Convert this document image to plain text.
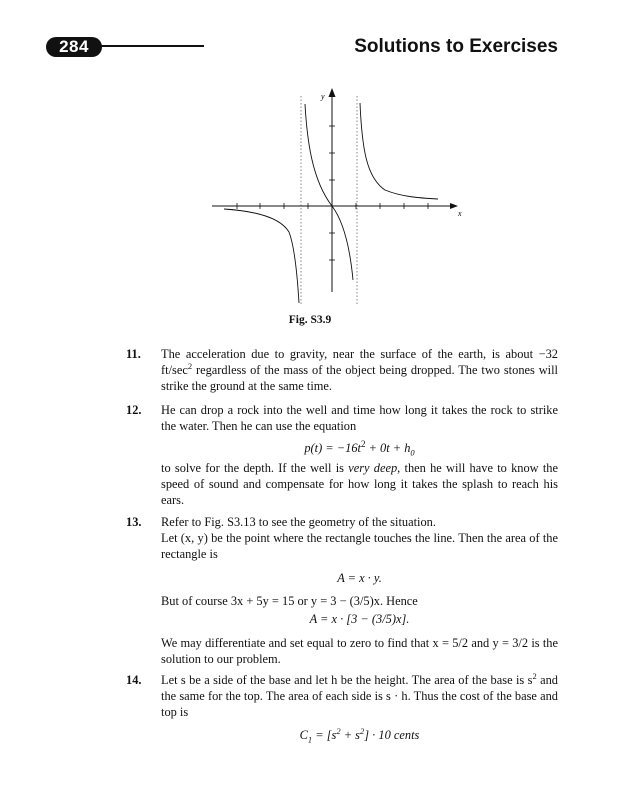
284	Solutions to Exercises
x
y
Fig. S3.9
11.	The acceleration due to gravity, near the surface of the earth, is about −32 $ft/\sec^2$ regardless of the mass of the object being dropped. The two stones will strike the ground at the same time.

12.	He can drop a rock into the well and time how long it takes the rock to strike the water. Then he can use the equation

$p(t) = -16t^2 + 0t + h_0$

to solve for the depth. If the well is very deep, then he will have to know the speed of sound and compensate for how long it takes the splash to reach his ears.

13.	Refer to Fig. S3.13 to see the geometry of the situation.

Let (x, y) be the point where the rectangle touches the line. Then the area of the rectangle is

A = x · y.

But of course 3x + 5y = 15 or y = 3 − (3/5)x. Hence

A = x · [3 − (3/5)x].

We may differentiate and set equal to zero to find that x = 5/2 and y = 3/2 is the solution to our problem.

14.	Let s be a side of the base and let h be the height. The area of the base is $s^2$ and the same for the top. The area of each side is s · h. Thus the cost of the base and top is

$C_1 = [s^2 + s^2] \cdot 10$ cents
